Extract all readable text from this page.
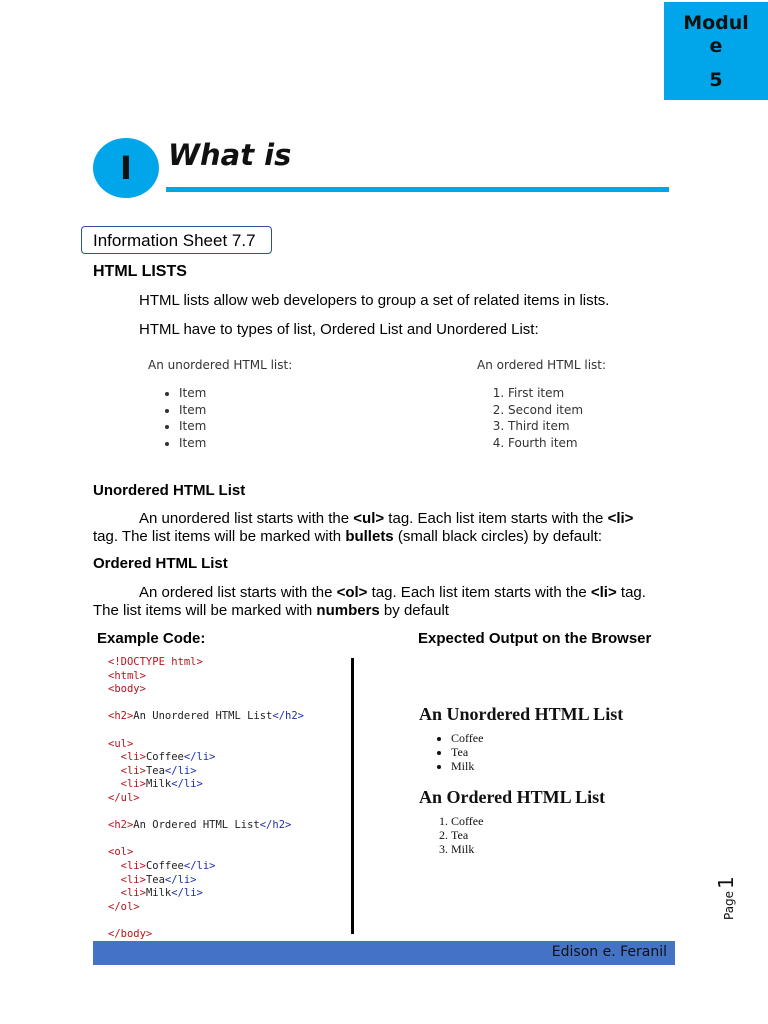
Modul
e
5
I	What is
Information Sheet 7.7
HTML LISTS
HTML lists allow web developers to group a set of related items in lists.
HTML have to types of list, Ordered List and Unordered List:
An unordered HTML list:
• Item
• Item
• Item
• Item
An ordered HTML list:
1. First item
2. Second item
3. Third item
4. Fourth item
Unordered HTML List
An unordered list starts with the <ul> tag. Each list item starts with the <li>
tag. The list items will be marked with bullets (small black circles) by default:
Ordered HTML List
An ordered list starts with the <ol> tag. Each list item starts with the <li> tag.
The list items will be marked with numbers by default
Example Code:	Expected Output on the Browser
<!DOCTYPE html>
<html>
<body>

<h2>An Unordered HTML List</h2>

<ul>
<li>Coffee</li>
<li>Tea</li>
<li>Milk</li>
</ul>

<h2>An Ordered HTML List</h2>

<ol>
<li>Coffee</li>
<li>Tea</li>
<li>Milk</li>
</ol>

</body>
An Unordered HTML List
• Coffee
• Tea
• Milk
An Ordered HTML List
1. Coffee
2. Tea
3. Milk
Edison e. Feranil
Page1
